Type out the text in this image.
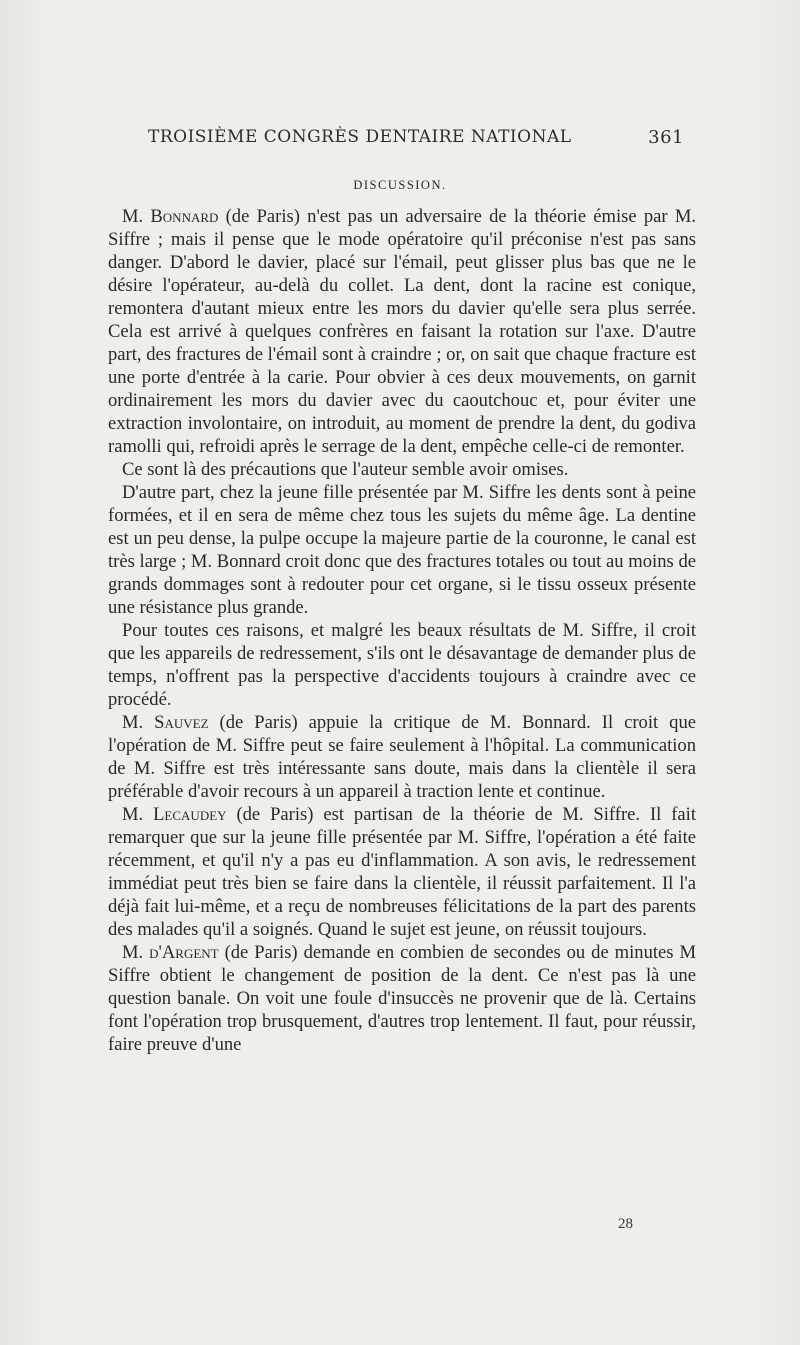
TROISIÈME CONGRÈS DENTAIRE NATIONAL	361
DISCUSSION.

M. Bonnard (de Paris) n'est pas un adversaire de la théorie émise par M. Siffre ; mais il pense que le mode opératoire qu'il préconise n'est pas sans danger. D'abord le davier, placé sur l'émail, peut glisser plus bas que ne le désire l'opérateur, au-delà du collet. La dent, dont la racine est conique, remontera d'autant mieux entre les mors du davier qu'elle sera plus serrée. Cela est arrivé à quelques confrères en faisant la rotation sur l'axe. D'autre part, des fractures de l'émail sont à craindre ; or, on sait que chaque fracture est une porte d'entrée à la carie. Pour obvier à ces deux mouvements, on garnit ordinairement les mors du davier avec du caoutchouc et, pour éviter une extraction involontaire, on introduit, au moment de prendre la dent, du godiva ramolli qui, refroidi après le serrage de la dent, empêche celle-ci de remonter.

Ce sont là des précautions que l'auteur semble avoir omises.

D'autre part, chez la jeune fille présentée par M. Siffre les dents sont à peine formées, et il en sera de même chez tous les sujets du même âge. La dentine est un peu dense, la pulpe occupe la majeure partie de la couronne, le canal est très large ; M. Bonnard croit donc que des fractures totales ou tout au moins de grands dommages sont à redouter pour cet organe, si le tissu osseux présente une résistance plus grande.

Pour toutes ces raisons, et malgré les beaux résultats de M. Siffre, il croit que les appareils de redressement, s'ils ont le désavantage de demander plus de temps, n'offrent pas la perspective d'accidents toujours à craindre avec ce procédé.

M. Sauvez (de Paris) appuie la critique de M. Bonnard. Il croit que l'opération de M. Siffre peut se faire seulement à l'hôpital. La communication de M. Siffre est très intéressante sans doute, mais dans la clientèle il sera préférable d'avoir recours à un appareil à traction lente et continue.

M. Lecaudey (de Paris) est partisan de la théorie de M. Siffre. Il fait remarquer que sur la jeune fille présentée par M. Siffre, l'opération a été faite récemment, et qu'il n'y a pas eu d'inflammation. A son avis, le redressement immédiat peut très bien se faire dans la clientèle, il réussit parfaitement. Il l'a déjà fait lui-même, et a reçu de nombreuses félicitations de la part des parents des malades qu'il a soignés. Quand le sujet est jeune, on réussit toujours.

M. d'Argent (de Paris) demande en combien de secondes ou de minutes M Siffre obtient le changement de position de la dent. Ce n'est pas là une question banale. On voit une foule d'insuccès ne provenir que de là. Certains font l'opération trop brusquement, d'autres trop lentement. Il faut, pour réussir, faire preuve d'une

28
